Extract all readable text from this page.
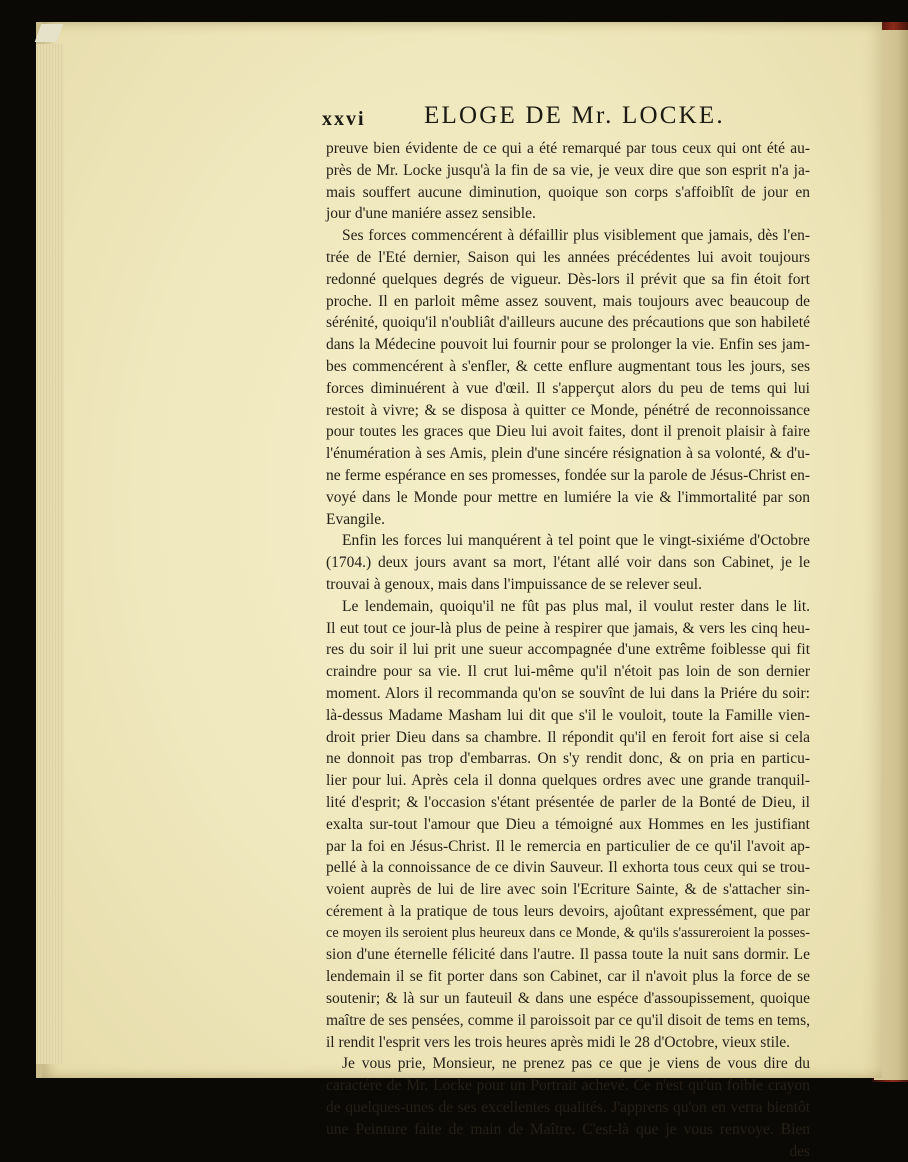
xxvi ELOGE DE Mr. LOCKE.
preuve bien évidente de ce qui a été remarqué par tous ceux qui ont été au-
près de Mr. Locke jusqu'à la fin de sa vie, je veux dire que son esprit n'a ja-
mais souffert aucune diminution, quoique son corps s'affoiblît de jour en
jour d'une maniére assez sensible.
Ses forces commencérent à défaillir plus visiblement que jamais, dès l'en-
trée de l'Eté dernier, Saison qui les années précédentes lui avoit toujours
redonné quelques degrés de vigueur. Dès-lors il prévit que sa fin étoit fort
proche. Il en parloit même assez souvent, mais toujours avec beaucoup de
sérénité, quoiqu'il n'oubliât d'ailleurs aucune des précautions que son habileté
dans la Médecine pouvoit lui fournir pour se prolonger la vie. Enfin ses jam-
bes commencérent à s'enfler, & cette enflure augmentant tous les jours, ses
forces diminuérent à vue d'œil. Il s'apperçut alors du peu de tems qui lui
restoit à vivre; & se disposa à quitter ce Monde, pénétré de reconnoissance
pour toutes les graces que Dieu lui avoit faites, dont il prenoit plaisir à faire
l'énumération à ses Amis, plein d'une sincére résignation à sa volonté, & d'u-
ne ferme espérance en ses promesses, fondée sur la parole de Jésus-Christ en-
voyé dans le Monde pour mettre en lumiére la vie & l'immortalité par son
Evangile.
Enfin les forces lui manquérent à tel point que le vingt-sixiéme d'Octobre
(1704.) deux jours avant sa mort, l'étant allé voir dans son Cabinet, je le
trouvai à genoux, mais dans l'impuissance de se relever seul.
Le lendemain, quoiqu'il ne fût pas plus mal, il voulut rester dans le lit.
Il eut tout ce jour-là plus de peine à respirer que jamais, & vers les cinq heu-
res du soir il lui prit une sueur accompagnée d'une extrême foiblesse qui fit
craindre pour sa vie. Il crut lui-même qu'il n'étoit pas loin de son dernier
moment. Alors il recommanda qu'on se souvînt de lui dans la Priére du soir:
là-dessus Madame Masham lui dit que s'il le vouloit, toute la Famille vien-
droit prier Dieu dans sa chambre. Il répondit qu'il en feroit fort aise si cela
ne donnoit pas trop d'embarras. On s'y rendit donc, & on pria en particu-
lier pour lui. Après cela il donna quelques ordres avec une grande tranquil-
lité d'esprit; & l'occasion s'étant présentée de parler de la Bonté de Dieu, il
exalta sur-tout l'amour que Dieu a témoigné aux Hommes en les justifiant
par la foi en Jésus-Christ. Il le remercia en particulier de ce qu'il l'avoit ap-
pellé à la connoissance de ce divin Sauveur. Il exhorta tous ceux qui se trou-
voient auprès de lui de lire avec soin l'Ecriture Sainte, & de s'attacher sin-
cérement à la pratique de tous leurs devoirs, ajoûtant expressément, que par
ce moyen ils seroient plus heureux dans ce Monde, & qu'ils s'assureroient la posses-
sion d'une éternelle félicité dans l'autre. Il passa toute la nuit sans dormir. Le
lendemain il se fit porter dans son Cabinet, car il n'avoit plus la force de se
soutenir; & là sur un fauteuil & dans une espéce d'assoupissement, quoique
maître de ses pensées, comme il paroissoit par ce qu'il disoit de tems en tems,
il rendit l'esprit vers les trois heures après midi le 28 d'Octobre, vieux stile.
Je vous prie, Monsieur, ne prenez pas ce que je viens de vous dire du
caractére de Mr. Locke pour un Portrait achevé. Ce n'est qu'un foible crayon
de quelques-unes de ses excellentes qualités. J'apprens qu'on en verra bientôt
une Peinture faite de main de Maître. C'est-là que je vous renvoye. Bien
des
